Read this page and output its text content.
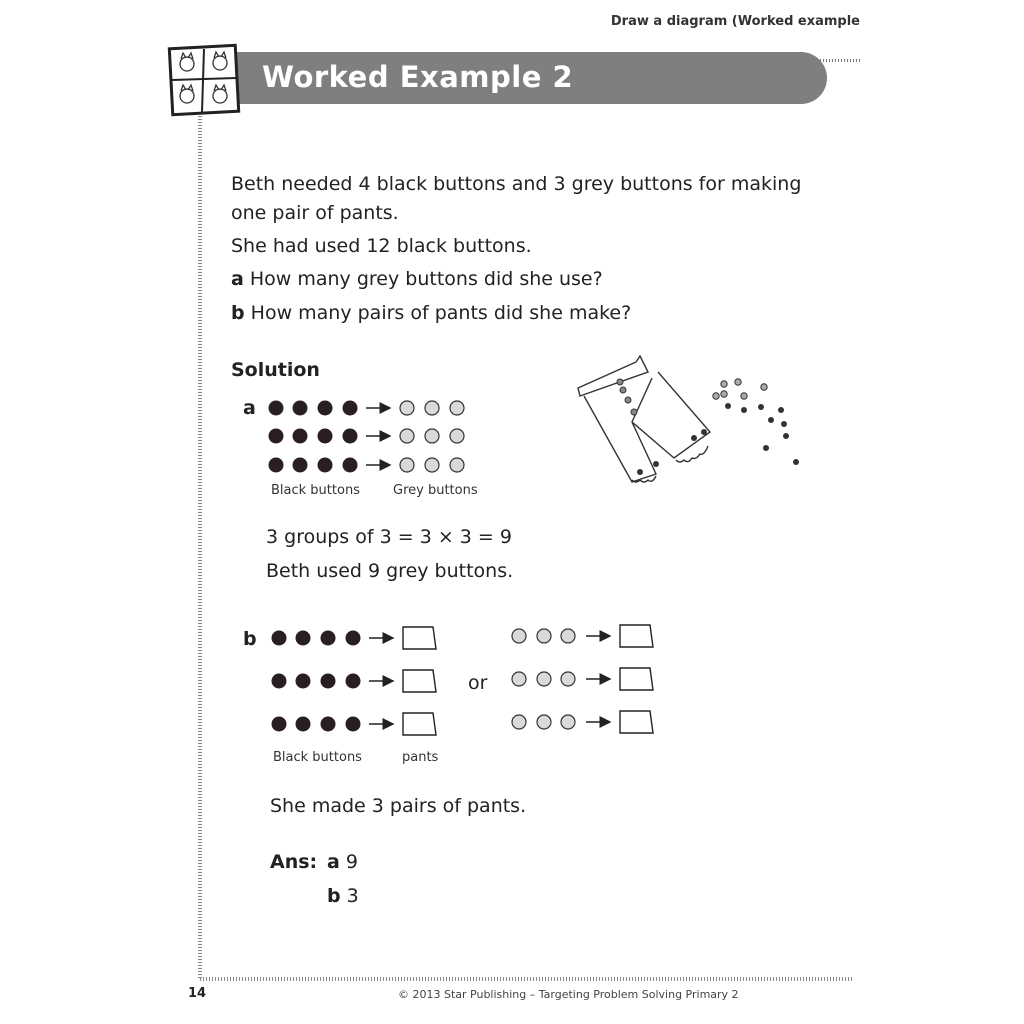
Draw a diagram (Worked example
Worked Example 2
Beth needed 4 black buttons and 3 grey buttons for making
one pair of pants.
She had used 12 black buttons.
a How many grey buttons did she use?
b How many pairs of pants did she make?
Solution
a
Black buttons	Grey buttons
3 groups of 3 = 3 × 3 = 9
Beth used 9 grey buttons.
b
or
Black buttons	pants
She made 3 pairs of pants.
Ans: a 9
b 3
14	© 2013 Star Publishing – Targeting Problem Solving Primary 2
